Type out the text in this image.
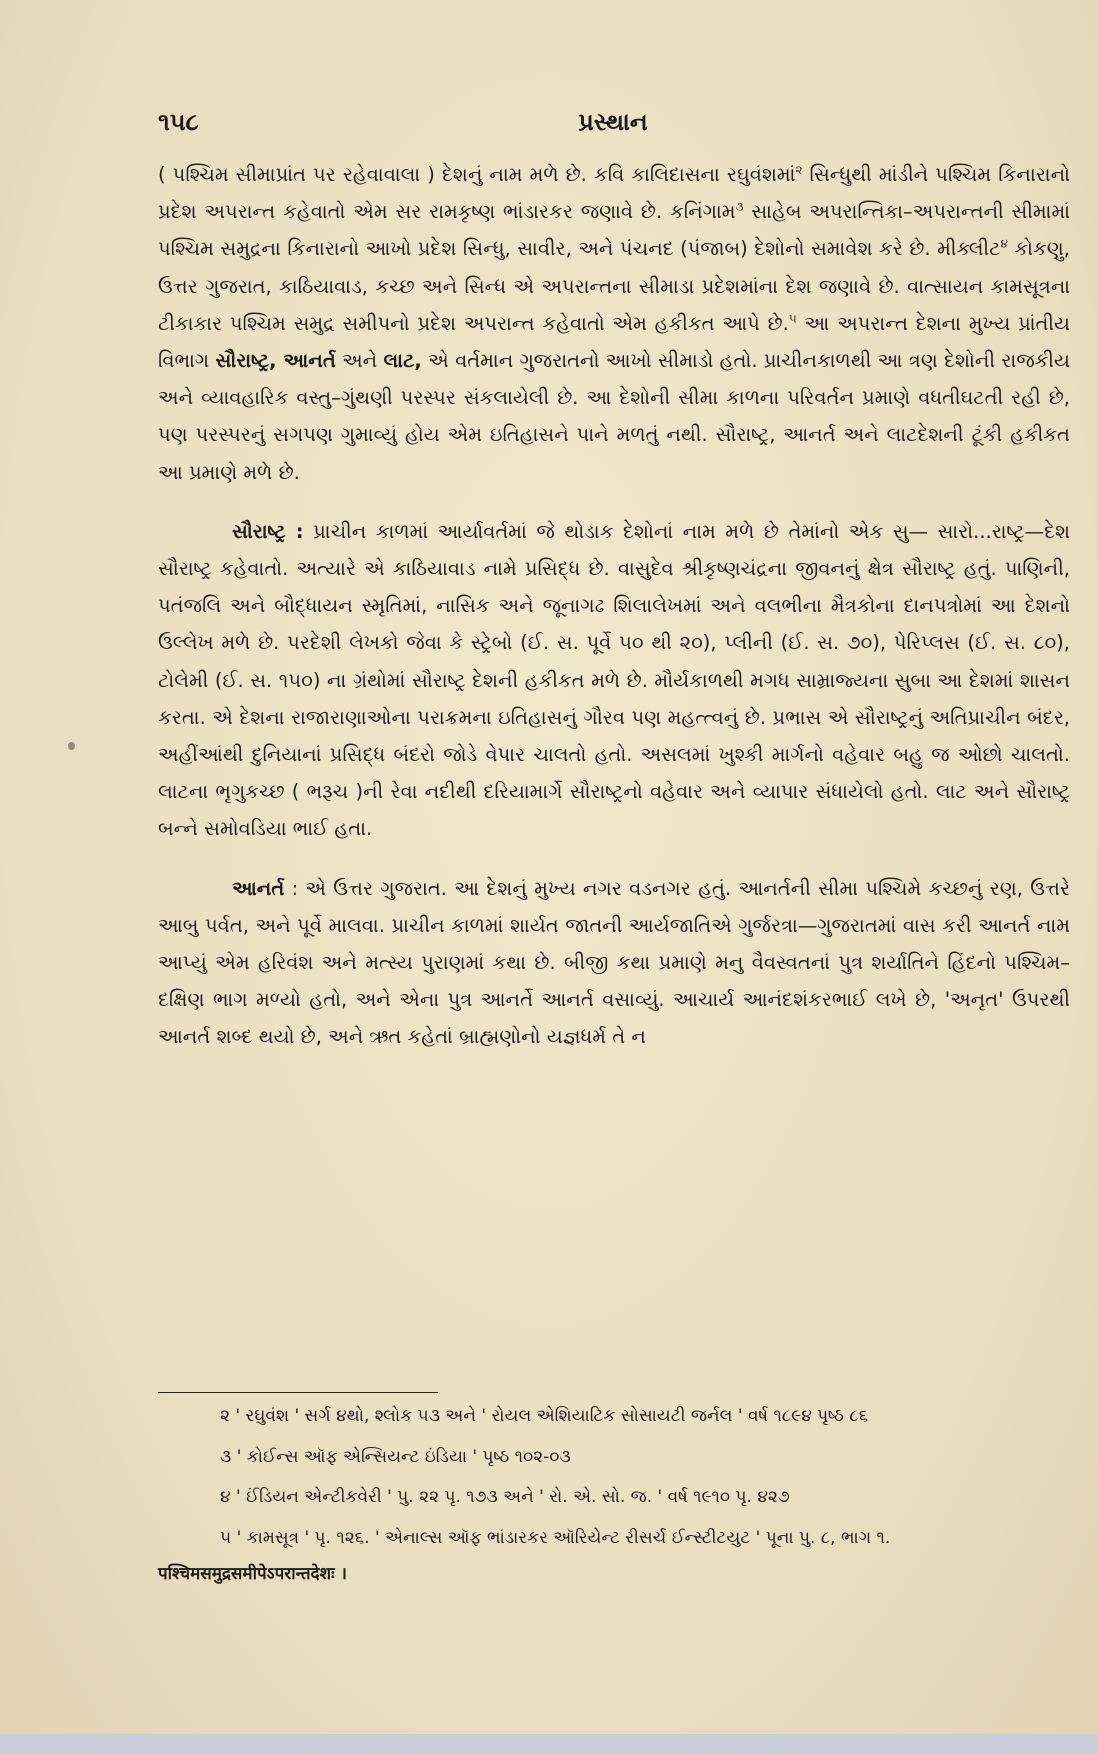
૧૫૮	પ્રસ્થાન

( પશ્ચિમ સીમાપ્રાંત પર રહેવાવાલા ) દેશનું નામ મળે છે. કવિ કાલિદાસના રઘુવંશમાં$^૨$ સિન્ધુથી માંડીને પશ્ચિમ કિનારાનો પ્રદેશ અપરાન્ત કહેવાતો એમ સર રામકૃષ્ણ ભાંડારકર જણાવે છે. કનિંગામ$^૩$ સાહેબ અપરાન્તિકા–અપરાન્તની સીમામાં પશ્ચિમ સમુદ્રના કિનારાનો આખો પ્રદેશ સિન્ધુ, સાવીર, અને પંચનદ (પંજાબ) દેશોનો સમાવેશ કરે છે. મીક્લીટ$^૪$ કોકણુ, ઉત્તર ગુજરાત, કાઠિયાવાડ, કચ્છ અને સિન્ધ એ અપરાન્તના સીમાડા પ્રદેશમાંના દેશ જણાવે છે. વાત્સાયન કામસૂત્રના ટીકાકાર પશ્ચિમ સમુદ્ર સમીપનો પ્રદેશ અપરાન્ત કહેવાતો એમ હકીકત આપે છે.$^૫$ આ અપરાન્ત દેશના મુખ્ય પ્રાંતીય વિભાગ સૌરાષ્ટ્ર, આનર્ત અને લાટ, એ વર્તમાન ગુજરાતનો આખો સીમાડો હતો. પ્રાચીનકાળથી આ ત્રણ દેશોની રાજકીય અને વ્યાવહારિક વસ્તુ–ગુંથણી પરસ્પર સંકલાયેલી છે. આ દેશોની સીમા કાળના પરિવર્તન પ્રમાણે વધતીઘટતી રહી છે, પણ પરસ્પરનું સગપણ ગુમાવ્યું હોય એમ ઇતિહાસને પાને મળતું નથી. સૌરાષ્ટ્ર, આનર્ત અને લાટદેશની ટૂંકી હકીકત આ પ્રમાણે મળે છે.

સૌરાષ્ટ્ર : પ્રાચીન કાળમાં આર્યાવર્તમાં જે થોડાક દેશોનાં નામ મળે છે તેમાંનો એક સુ— સારો...રાષ્ટ્ર—દેશ સૌરાષ્ટ્ર કહેવાતો. અત્યારે એ કાઠિયાવાડ નામે પ્રસિદ્ધ છે. વાસુદેવ શ્રીકૃષ્ણચંદ્રના જીવનનું ક્ષેત્ર સૌરાષ્ટ્ર હતું. પાણિની, પતંજલિ અને બૌદ્ધાયન સ્મૃતિમાં, નાસિક અને જૂનાગઢ શિલાલેખમાં અને વલભીના મૈત્રકોના દાનપત્રોમાં આ દેશનો ઉલ્લેખ મળે છે. પરદેશી લેખકો જેવા કે સ્ટ્રેબો (ઈ. સ. પૂર્વે ૫૦ થી ૨૦), પ્લીની (ઈ. સ. ૭૦), પેરિપ્લસ (ઈ. સ. ૮૦), ટોલેમી (ઈ. સ. ૧૫૦) ના ગ્રંથોમાં સૌરાષ્ટ્ર દેશની હકીકત મળે છે. મૌર્યકાળથી મગધ સામ્રાજ્યના સુબા આ દેશમાં શાસન કરતા. એ દેશના રાજારાણાઓના પરાક્રમના ઇતિહાસનું ગૌરવ પણ મહત્ત્વનું છે. પ્રભાસ એ સૌરાષ્ટ્રનું અતિપ્રાચીન બંદર, અહીંઆંથી દુનિયાનાં પ્રસિદ્ધ બંદરો જોડે વેપાર ચાલતો હતો. અસલમાં ખુશ્કી માર્ગનો વહેવાર બહુ જ ઓછો ચાલતો. લાટના ભૃગુકચ્છ ( ભરૂચ )ની રેવા નદીથી દરિયામાર્ગે સૌરાષ્ટ્રનો વહેવાર અને વ્યાપાર સંધાયેલો હતો. લાટ અને સૌરાષ્ટ્ર બન્ને સમોવડિયા ભાઈ હતા.

આનર્ત : એ ઉત્તર ગુજરાત. આ દેશનું મુખ્ય નગર વડનગર હતું. આનર્તની સીમા પશ્ચિમે કચ્છનું રણ, ઉત્તરે આબુ પર્વત, અને પૂર્વે માલવા. પ્રાચીન કાળમાં શાર્યત જાતની આર્યજાતિએ ગુર્જરત્રા—ગુજરાતમાં વાસ કરી આનર્ત નામ આપ્યું એમ હરિવંશ અને મત્સ્ય પુરાણમાં કથા છે. બીજી કથા પ્રમાણે મનુ વૈવસ્વતનાં પુત્ર શર્યાતિને હિંદનો પશ્ચિમ–દક્ષિણ ભાગ મળ્યો હતો, અને એના પુત્ર આનર્તે આનર્ત વસાવ્યું. આચાર્ય આનંદશંકરભાઈ લખે છે, 'અનૃત' ઉપરથી આનર્ત શબ્દ થયો છે, અને ઋત કહેતાં બ્રાહ્મણોનો યજ્ઞધર્મ તે ન

૨ ' રઘુવંશ ' સર્ગ ૪થો, શ્લોક ૫૩ અને ' રોયલ એશિયાટિક સોસાયટી જર્નલ ' વર્ષ ૧૮૯૪ પૃષ્ઠ ૮૬

૩ ' કોઈન્સ ઑફ એન્સિયન્ટ ઇંડિયા ' પૃષ્ઠ ૧૦૨-૦૩

૪ ' ઈંડિયન એન્ટીકવેરી ' પુ. ૨૨ પૃ. ૧૭૩ અને ' રો. એ. સો. જ. ' વર્ષ ૧૯૧૦ પૃ. ૪૨૭

૫ ' કામસૂત્ર ' પૃ. ૧૨૬. ' એનાલ્સ ઑફ ભાંડારકર ઑરિયેન્ટ રીસર્ચ ઈન્સ્ટીટયુટ ' પૂના પુ. ૮, ભાગ ૧. पश्चिमसमुद्रसमीपेऽपरान्तदेशः ।
